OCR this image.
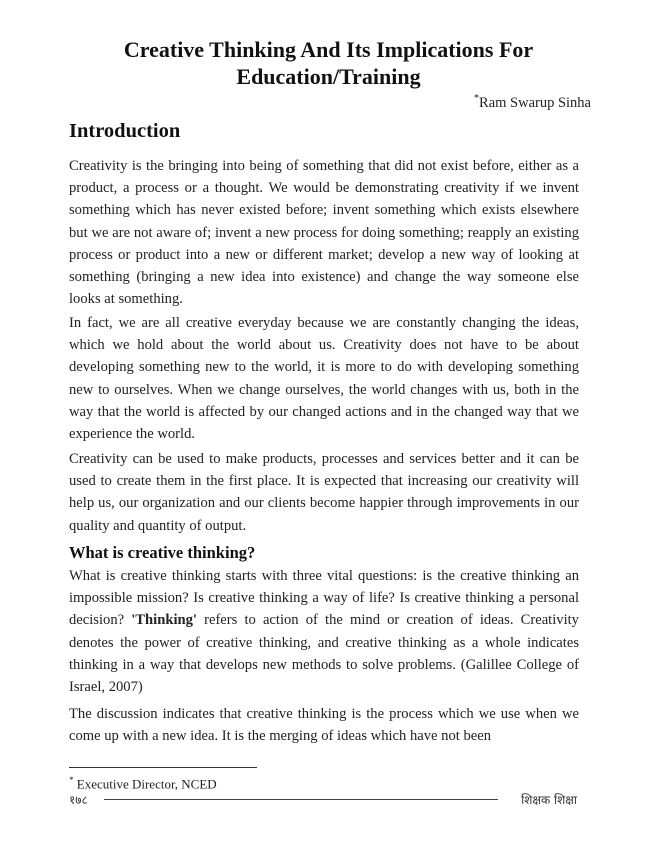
Creative Thinking And Its Implications For
Education/Training
*Ram Swarup Sinha
Introduction
Creativity is the bringing into being of something that did not exist before, either as a product, a process or a thought. We would be demonstrating creativity if we invent something which has never existed before; invent something which exists elsewhere but we are not aware of; invent a new process for doing something; reapply an existing process or product into a new or different market; develop a new way of looking at something (bringing a new idea into existence) and change the way someone else looks at something.
In fact, we are all creative everyday because we are constantly changing the ideas, which we hold about the world about us. Creativity does not have to be about developing something new to the world, it is more to do with developing something new to ourselves. When we change ourselves, the world changes with us, both in the way that the world is affected by our changed actions and in the changed way that we experience the world.
Creativity can be used to make products, processes and services better and it can be used to create them in the first place. It is expected that increasing our creativity will help us, our organization and our clients become happier through improvements in our quality and quantity of output.
What is creative thinking?
What is creative thinking starts with three vital questions: is the creative thinking an impossible mission? Is creative thinking a way of life? Is creative thinking a personal decision? 'Thinking' refers to action of the mind or creation of ideas. Creativity denotes the power of creative thinking, and creative thinking as a whole indicates thinking in a way that develops new methods to solve problems. (Galillee College of Israel, 2007)
The discussion indicates that creative thinking is the process which we use when we come up with a new idea. It is the merging of ideas which have not been
* Executive Director, NCED
१७८	शिक्षक शिक्षा
